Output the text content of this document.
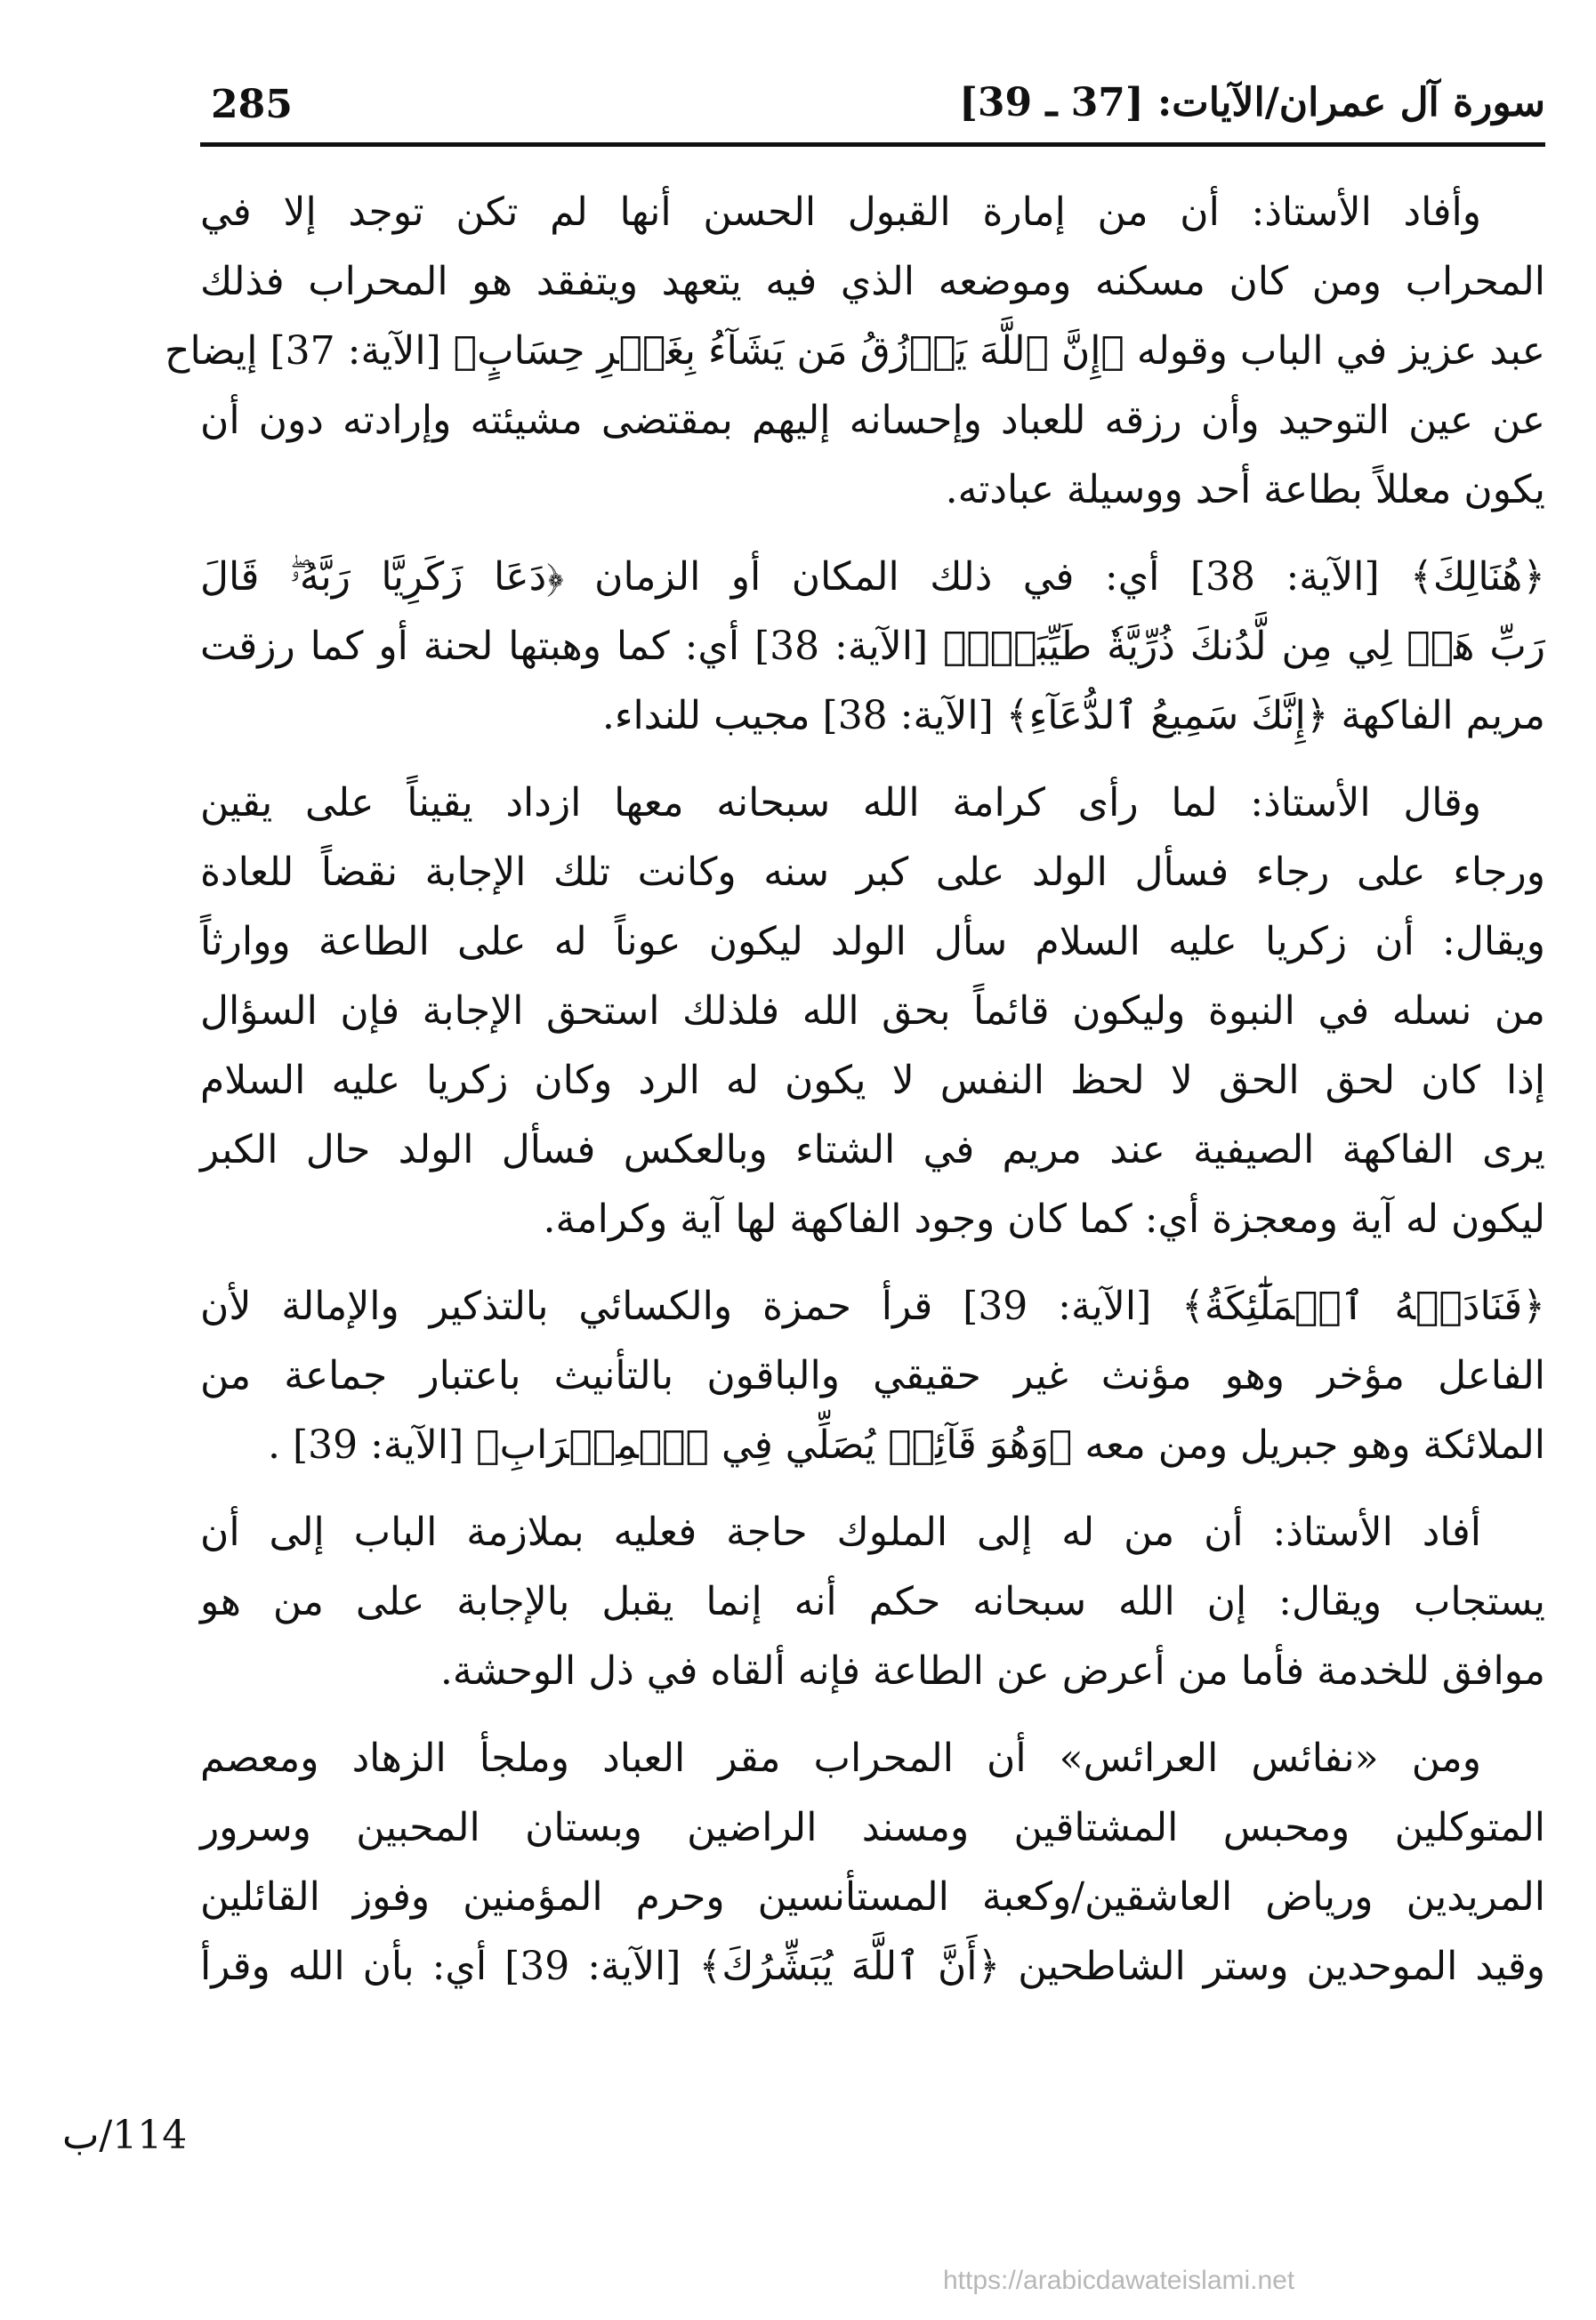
285	سورة آل عمران/الآيات: [37 ـ 39]
وأفاد الأستاذ: أن من إمارة القبول الحسن أنها لم تكن توجد إلا في
المحراب ومن كان مسكنه وموضعه الذي فيه يتعهد ويتفقد هو المحراب فذلك
عبد عزيز في الباب وقوله ﴿إِنَّ ٱللَّهَ يَرۡزُقُ مَن يَشَآءُ بِغَيۡرِ حِسَابٍ﴾ [الآية: 37] إيضاح
عن عين التوحيد وأن رزقه للعباد وإحسانه إليهم بمقتضى مشيئته وإرادته دون أن
يكون معللاً بطاعة أحد ووسيلة عبادته.
﴿هُنَالِكَ﴾ [الآية: 38] أي: في ذلك المكان أو الزمان ﴿دَعَا زَكَرِيَّا رَبَّهُۥۖ قَالَ
رَبِّ هَبۡ لِي مِن لَّدُنكَ ذُرِّيَّةٗ طَيِّبَةًۖ﴾ [الآية: 38] أي: كما وهبتها لحنة أو كما رزقت
مريم الفاكهة ﴿إِنَّكَ سَمِيعُ ٱلدُّعَآءِ﴾ [الآية: 38] مجيب للنداء.
وقال الأستاذ: لما رأى كرامة الله سبحانه معها ازداد يقيناً على يقين
ورجاء على رجاء فسأل الولد على كبر سنه وكانت تلك الإجابة نقضاً للعادة
ويقال: أن زكريا عليه السلام سأل الولد ليكون عوناً له على الطاعة ووارثاً
من نسله في النبوة وليكون قائماً بحق الله فلذلك استحق الإجابة فإن السؤال
إذا كان لحق الحق لا لحظ النفس لا يكون له الرد وكان زكريا عليه السلام
يرى الفاكهة الصيفية عند مريم في الشتاء وبالعكس فسأل الولد حال الكبر
ليكون له آية ومعجزة أي: كما كان وجود الفاكهة لها آية وكرامة.
﴿فَنَادَتۡهُ ٱلۡمَلَٰٓئِكَةُ﴾ [الآية: 39] قرأ حمزة والكسائي بالتذكير والإمالة لأن
الفاعل مؤخر وهو مؤنث غير حقيقي والباقون بالتأنيث باعتبار جماعة من
الملائكة وهو جبريل ومن معه ﴿وَهُوَ قَآئِمٞ يُصَلِّي فِي ٱلۡمِحۡرَابِ﴾ [الآية: 39] .
أفاد الأستاذ: أن من له إلى الملوك حاجة فعليه بملازمة الباب إلى أن
يستجاب ويقال: إن الله سبحانه حكم أنه إنما يقبل بالإجابة على من هو
موافق للخدمة فأما من أعرض عن الطاعة فإنه ألقاه في ذل الوحشة.
ومن «نفائس العرائس» أن المحراب مقر العباد وملجأ الزهاد ومعصم
المتوكلين ومحبس المشتاقين ومسند الراضين وبستان المحبين وسرور
المريدين ورياض العاشقين/وكعبة المستأنسين وحرم المؤمنين وفوز القائلين
وقيد الموحدين وستر الشاطحين ﴿أَنَّ ٱللَّهَ يُبَشِّرُكَ﴾ [الآية: 39] أي: بأن الله وقرأ
114/ب
https://arabicdawateislami.net
